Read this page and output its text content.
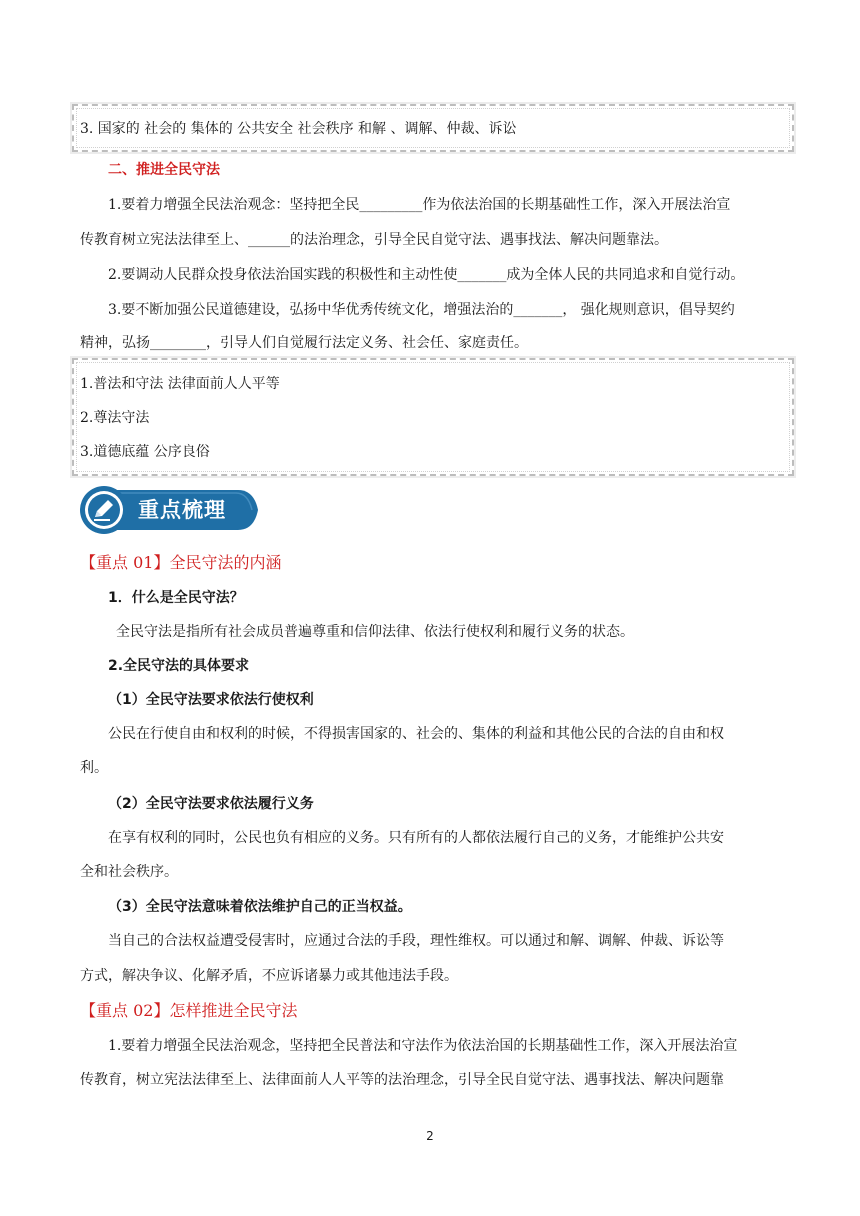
3. 国家的 社会的 集体的 公共安全 社会秩序 和解 、调解、仲裁、诉讼
二、推进全民守法
1.要着力增强全民法治观念：坚持把全民_________作为依法治国的长期基础性工作，深入开展法治宣
传教育树立宪法法律至上、______的法治理念，引导全民自觉守法、遇事找法、解决问题靠法。
2.要调动人民群众投身依法治国实践的积极性和主动性使_______成为全体人民的共同追求和自觉行动。
3.要不断加强公民道德建设，弘扬中华优秀传统文化，增强法治的_______， 强化规则意识，倡导契约
精神，弘扬________，引导人们自觉履行法定义务、社会任、家庭责任。
1.普法和守法 法律面前人人平等
2.尊法守法
3.道德底蕴 公序良俗
重点梳理
【重点 01】全民守法的内涵
1．什么是全民守法？
全民守法是指所有社会成员普遍尊重和信仰法律、依法行使权利和履行义务的状态。
2.全民守法的具体要求
（1）全民守法要求依法行使权利
公民在行使自由和权利的时候，不得损害国家的、社会的、集体的利益和其他公民的合法的自由和权
利。
（2）全民守法要求依法履行义务
在享有权利的同时，公民也负有相应的义务。只有所有的人都依法履行自己的义务，才能维护公共安
全和社会秩序。
（3）全民守法意味着依法维护自己的正当权益。
当自己的合法权益遭受侵害时，应通过合法的手段，理性维权。可以通过和解、调解、仲裁、诉讼等
方式，解决争议、化解矛盾，不应诉诸暴力或其他违法手段。
【重点 02】怎样推进全民守法
1.要着力增强全民法治观念，坚持把全民普法和守法作为依法治国的长期基础性工作，深入开展法治宣
传教育，树立宪法法律至上、法律面前人人平等的法治理念，引导全民自觉守法、遇事找法、解决问题靠
2
